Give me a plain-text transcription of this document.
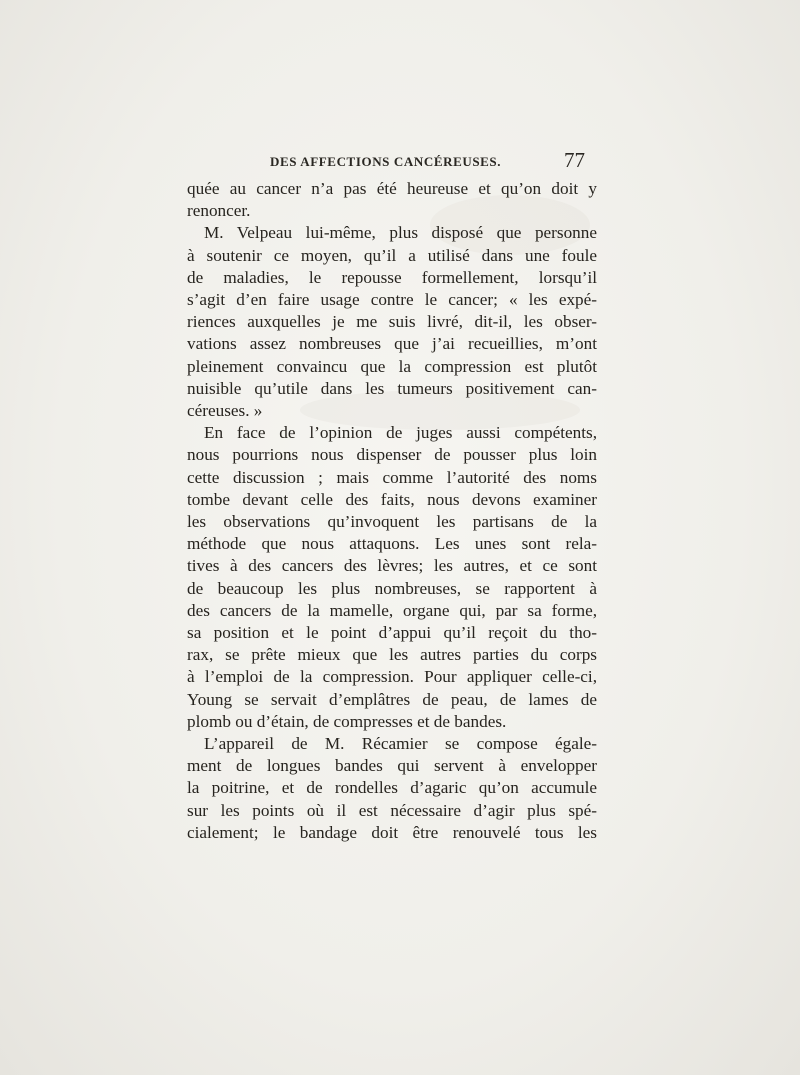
DES AFFECTIONS CANCÉREUSES.	77
quée au cancer n’a pas été heureuse et qu’on doit y
renoncer.
M. Velpeau lui-même, plus disposé que personne
à soutenir ce moyen, qu’il a utilisé dans une foule
de maladies, le repousse formellement, lorsqu’il
s’agit d’en faire usage contre le cancer; « les expé-
riences auxquelles je me suis livré, dit-il, les obser-
vations assez nombreuses que j’ai recueillies, m’ont
pleinement convaincu que la compression est plutôt
nuisible qu’utile dans les tumeurs positivement can-
céreuses. »
En face de l’opinion de juges aussi compétents,
nous pourrions nous dispenser de pousser plus loin
cette discussion ; mais comme l’autorité des noms
tombe devant celle des faits, nous devons examiner
les observations qu’invoquent les partisans de la
méthode que nous attaquons. Les unes sont rela-
tives à des cancers des lèvres; les autres, et ce sont
de beaucoup les plus nombreuses, se rapportent à
des cancers de la mamelle, organe qui, par sa forme,
sa position et le point d’appui qu’il reçoit du tho-
rax, se prête mieux que les autres parties du corps
à l’emploi de la compression. Pour appliquer celle-ci,
Young se servait d’emplâtres de peau, de lames de
plomb ou d’étain, de compresses et de bandes.
L’appareil de M. Récamier se compose égale-
ment de longues bandes qui servent à envelopper
la poitrine, et de rondelles d’agaric qu’on accumule
sur les points où il est nécessaire d’agir plus spé-
cialement; le bandage doit être renouvelé tous les
